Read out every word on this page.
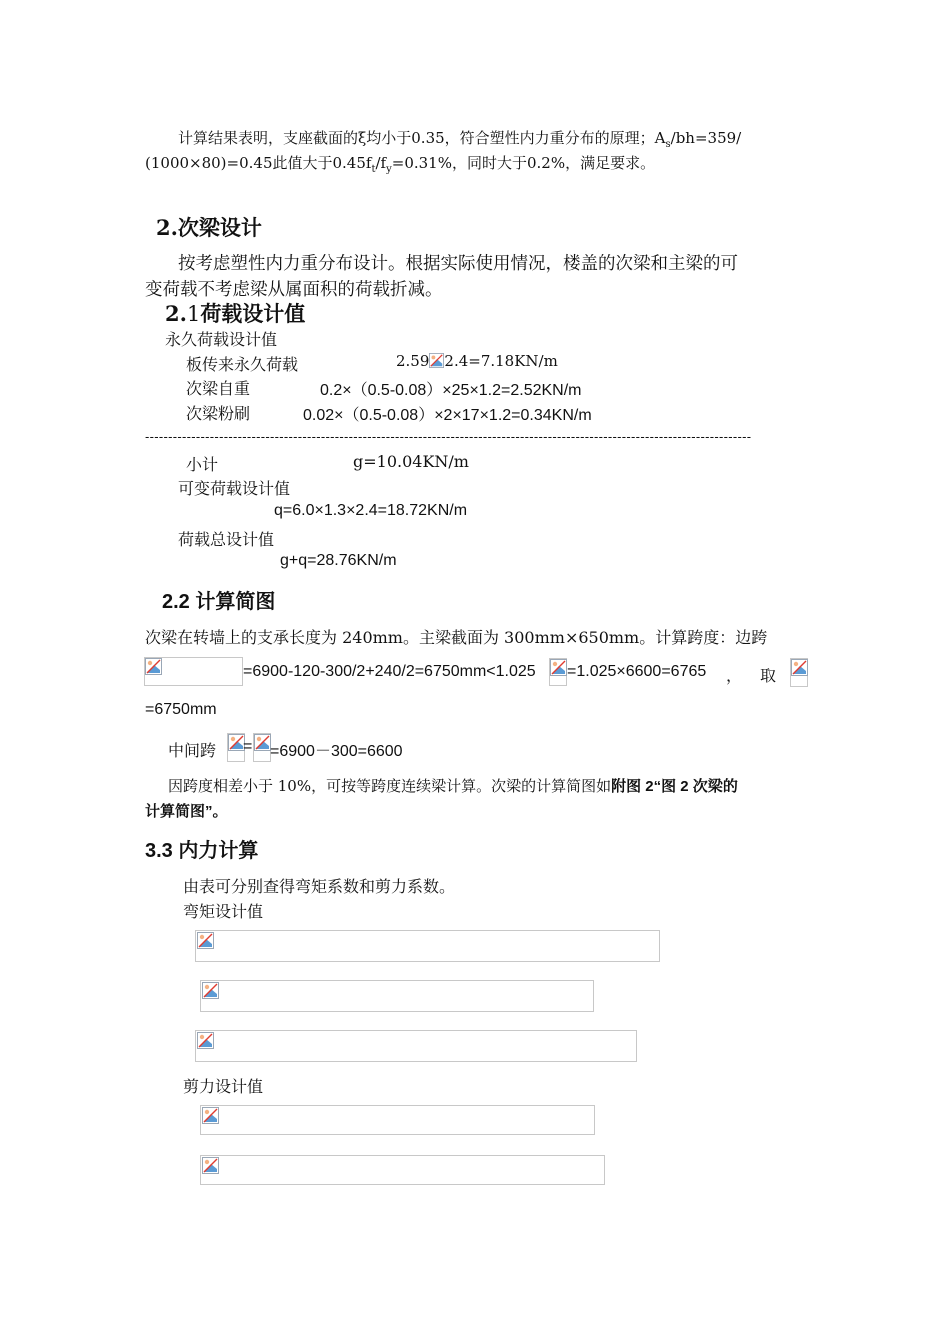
计算结果表明，支座截面的ξ均小于0.35，符合塑性内力重分布的原理；$A_s/bh=359/$
(1000×80)=0.45此值大于$0.45f_t/f_y=0.31\%$，同时大于0.2%，满足要求。
2.次梁设计
按考虑塑性内力重分布设计。根据实际使用情况，楼盖的次梁和主梁的可
变荷载不考虑梁从属面积的荷载折减。
2.1荷载设计值
永久荷载设计值
板传来永久荷载	2.59 2.4=7.18KN/m
次梁自重	0.2×（0.5-0.08）×25×1.2=2.52KN/m
次梁粉刷	0.02×（0.5-0.08）×2×17×1.2=0.34KN/m
-----------------------------------------------------------------------------------------------------------------------------------
小计	g=10.04KN/m
可变荷载设计值
q=6.0×1.3×2.4=18.72KN/m
荷载总设计值
g+q=28.76KN/m
2.2 计算简图
次梁在转墙上的支承长度为 240mm。主梁截面为 300mm×650mm。计算跨度：边跨
=6900-120-300/2+240/2=6750mm<1.025 =1.025×6600=6765 ， 取
=6750mm
中间跨 = =6900－300=6600
因跨度相差小于 10%，可按等跨度连续梁计算。次梁的计算简图如附图 2“图 2 次梁的
计算简图”。
3.3 内力计算
由表可分别查得弯矩系数和剪力系数。
弯矩设计值
剪力设计值
